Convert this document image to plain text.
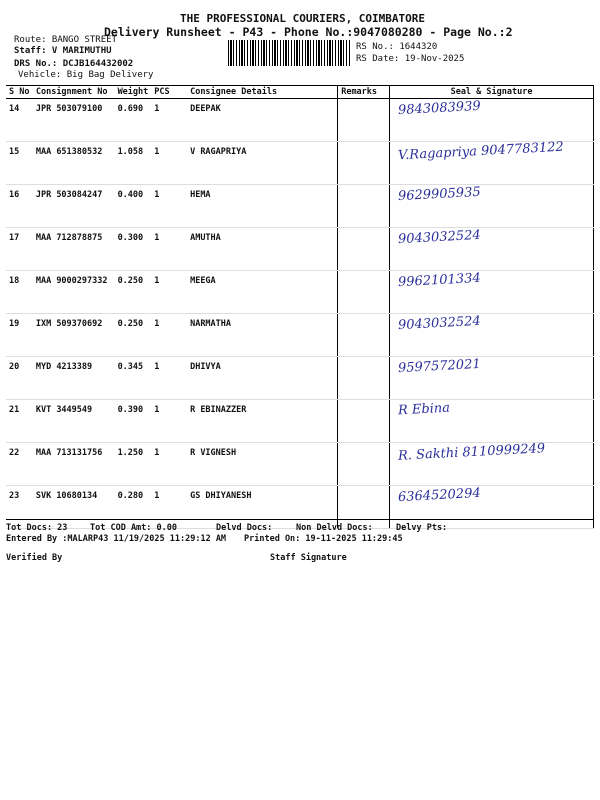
THE PROFESSIONAL COURIERS, COIMBATORE
Delivery Runsheet - P43 - Phone No.:9047080280 - Page No.:2
Route: BANGO STREET
Staff: V MARIMUTHU
DRS No.: DCJB164432002
Vehicle: Big Bag Delivery
RS No.: 1644320
RS Date: 19-Nov-2025
S No	Consignment No	Weight	PCS	Consignee Details	Remarks	Seal & Signature
14	JPR 503079100	0.690	1	DEEPAK		9843083939

15	MAA 651380532	1.058	1	V RAGAPRIYA		V.Ragapriya 9047783122

16	JPR 503084247	0.400	1	HEMA		9629905935

17	MAA 712878875	0.300	1	AMUTHA		9043032524

18	MAA 9000297332	0.250	1	MEEGA		9962101334

19	IXM 509370692	0.250	1	NARMATHA		9043032524

20	MYD 4213389	0.345	1	DHIVYA		9597572021

21	KVT 3449549	0.390	1	R EBINAZZER		R Ebina

22	MAA 713131756	1.250	1	R VIGNESH		R. Sakthi 8110999249

23	SVK 10680134	0.280	1	GS DHIYANESH		6364520294
Tot Docs: 23	Tot COD Amt: 0.00	Delvd Docs:	Non Delvd Docs:	Delvy Pts:
Entered By :MALARP43 11/19/2025 11:29:12 AM Printed On: 19-11-2025 11:29:45
Verified By	Staff Signature
